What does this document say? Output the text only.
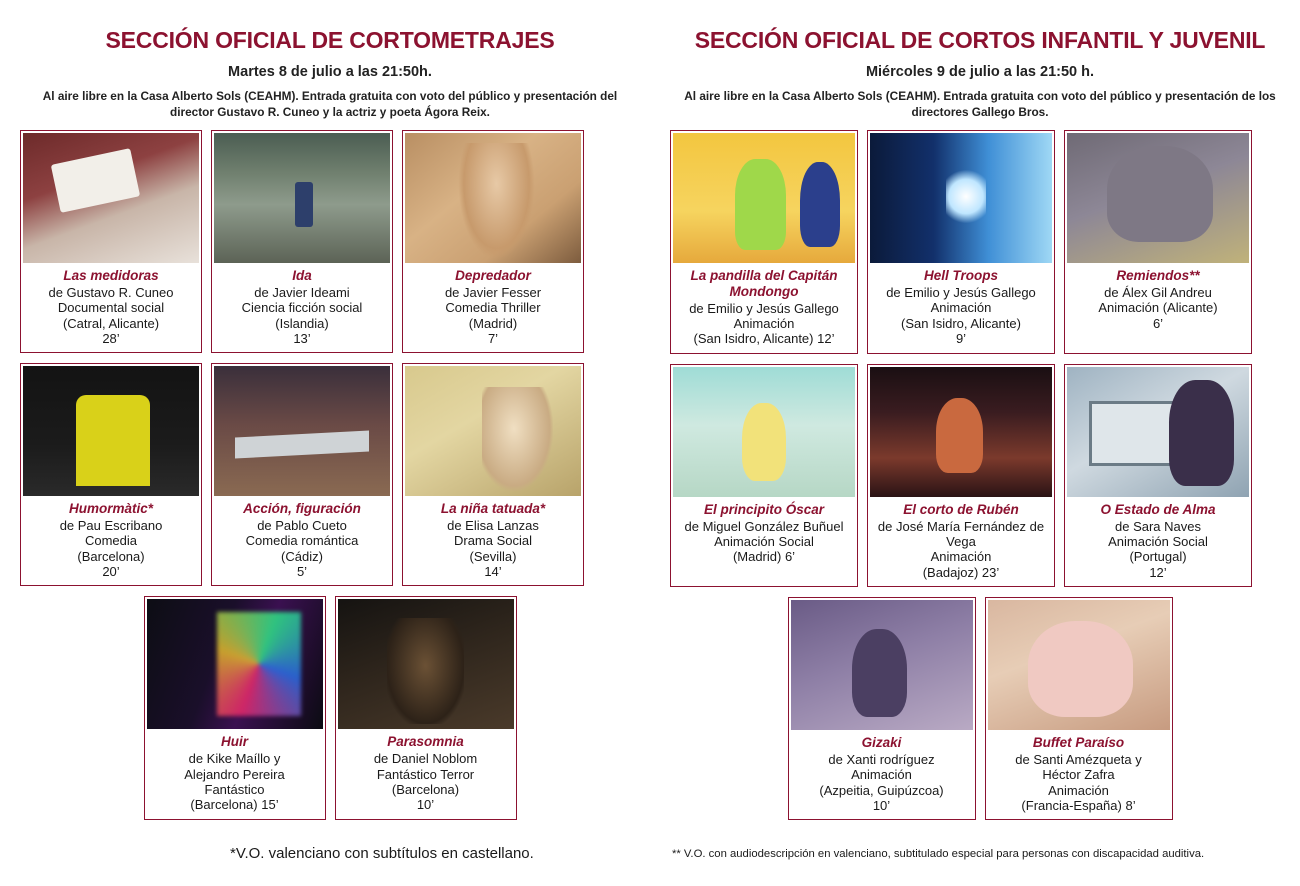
SECCIÓN OFICIAL DE CORTOMETRAJES
Martes 8 de julio a las 21:50h.
Al aire libre en la Casa Alberto Sols (CEAHM). Entrada gratuita con voto del público y presentación del director Gustavo R. Cuneo y la actriz y poeta Ágora Reix.
Las medidoras
de Gustavo R. Cuneo
Documental social
(Catral, Alicante)
28’
Ida
de Javier Ideami
Ciencia ficción social
(Islandia)
13’
Depredador
de Javier Fesser
Comedia Thriller
(Madrid)
7’
Humormàtic*
de Pau Escribano
Comedia
(Barcelona)
20’
Acción, figuración
de Pablo Cueto
Comedia romántica
(Cádiz)
5’
La niña tatuada*
de Elisa Lanzas
Drama Social
(Sevilla)
14’
Huir
de Kike Maíllo y
Alejandro Pereira
Fantástico
(Barcelona) 15’
Parasomnia
de Daniel Noblom
Fantástico Terror
(Barcelona)
10’
SECCIÓN OFICIAL DE CORTOS INFANTIL Y JUVENIL
Miércoles 9 de julio a las 21:50 h.
Al aire libre en la Casa Alberto Sols (CEAHM). Entrada gratuita con voto del público y presentación de los directores Gallego Bros.
La pandilla del Capitán Mondongo
de Emilio y Jesús Gallego
Animación
(San Isidro, Alicante) 12’
Hell Troops
de Emilio y Jesús Gallego
Animación
(San Isidro, Alicante)
9’
Remiendos**
de Álex Gil Andreu
Animación (Alicante)
6’
El principito Óscar
de Miguel González Buñuel
Animación Social
(Madrid) 6’
El corto de Rubén
de José María Fernández de Vega
Animación
(Badajoz) 23’
O Estado de Alma
de Sara Naves
Animación Social
(Portugal)
12’
Gizaki
de Xanti rodríguez
Animación
(Azpeitia, Guipúzcoa)
10’
Buffet Paraíso
de Santi Amézqueta y
Héctor Zafra
Animación
(Francia-España) 8’
*V.O. valenciano con subtítulos en castellano.	** V.O. con audiodescripción en valenciano, subtitulado especial para personas con discapacidad auditiva.
